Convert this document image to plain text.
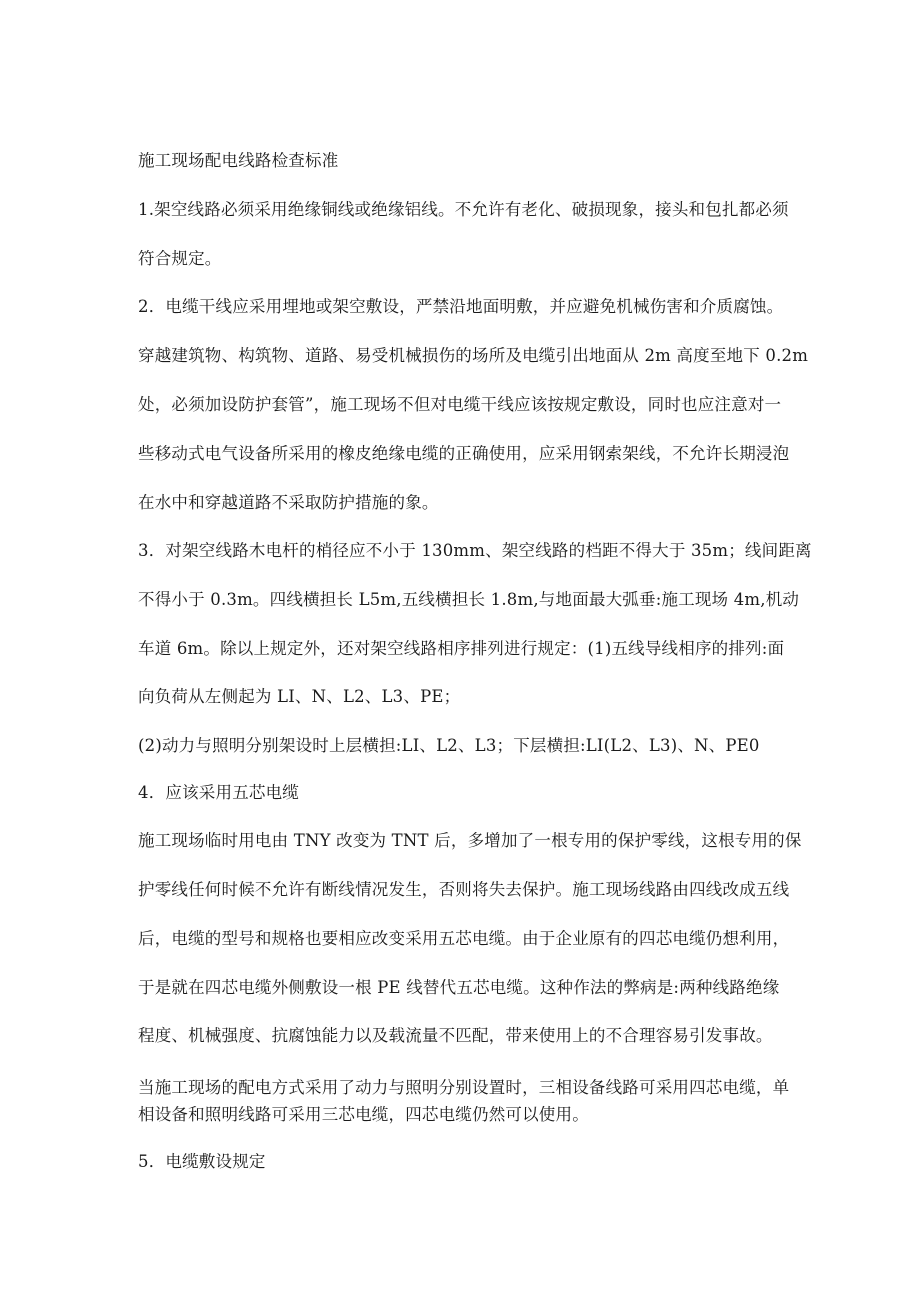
施工现场配电线路检查标准
1.架空线路必须采用绝缘铜线或绝缘铝线。不允许有老化、破损现象，接头和包扎都必须
符合规定。
2．电缆干线应采用埋地或架空敷设，严禁沿地面明敷，并应避免机械伤害和介质腐蚀。
穿越建筑物、构筑物、道路、易受机械损伤的场所及电缆引出地面从 2m 高度至地下 0.2m
处，必须加设防护套管”，施工现场不但对电缆干线应该按规定敷设，同时也应注意对一
些移动式电气设备所采用的橡皮绝缘电缆的正确使用，应采用钢索架线，不允许长期浸泡
在水中和穿越道路不采取防护措施的象。
3．对架空线路木电杆的梢径应不小于 130mm、架空线路的档距不得大于 35m；线间距离
不得小于 0.3m。四线横担长 L5m,五线横担长 1.8m,与地面最大弧垂:施工现场 4m,机动
车道 6m。除以上规定外，还对架空线路相序排列进行规定：(1)五线导线相序的排列:面
向负荷从左侧起为 LI、N、L2、L3、PE；
(2)动力与照明分别架设时上层横担:LI、L2、L3；下层横担:LI(L2、L3)、N、PE0
4．应该采用五芯电缆
施工现场临时用电由 TNY 改变为 TNT 后，多增加了一根专用的保护零线，这根专用的保
护零线任何时候不允许有断线情况发生，否则将失去保护。施工现场线路由四线改成五线
后，电缆的型号和规格也要相应改变采用五芯电缆。由于企业原有的四芯电缆仍想利用，
于是就在四芯电缆外侧敷设一根 PE 线替代五芯电缆。这种作法的弊病是:两种线路绝缘
程度、机械强度、抗腐蚀能力以及载流量不匹配，带来使用上的不合理容易引发事故。
当施工现场的配电方式采用了动力与照明分别设置时，三相设备线路可采用四芯电缆，单
相设备和照明线路可采用三芯电缆，四芯电缆仍然可以使用。
5．电缆敷设规定
